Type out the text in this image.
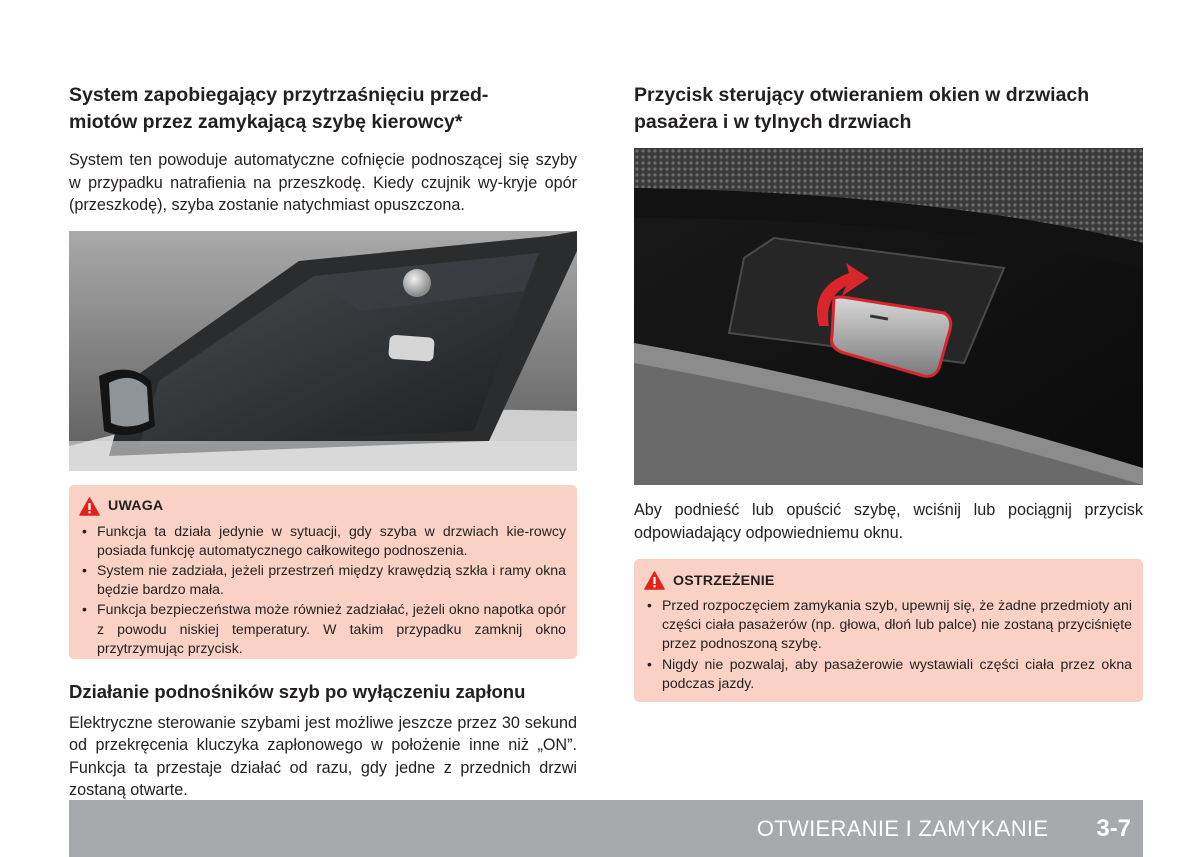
System zapobiegający przytrzaśnięciu przed-
miotów przez zamykającą szybę kierowcy*

System ten powoduje automatyczne cofnięcie podnoszącej się szyby w przypadku natrafienia na przeszkodę. Kiedy czujnik wy-kryje opór (przeszkodę), szyba zostanie natychmiast opuszczona.

UWAGA
• Funkcja ta działa jedynie w sytuacji, gdy szyba w drzwiach kie-rowcy posiada funkcję automatycznego całkowitego podnoszenia.
• System nie zadziała, jeżeli przestrzeń między krawędzią szkła i ramy okna będzie bardzo mała.
• Funkcja bezpieczeństwa może również zadziałać, jeżeli okno napotka opór z powodu niskiej temperatury. W takim przypadku zamknij okno przytrzymując przycisk.
Działanie podnośników szyb po wyłączeniu zapłonu

Elektryczne sterowanie szybami jest możliwe jeszcze przez 30 sekund od przekręcenia kluczyka zapłonowego w położenie inne niż „ON”. Funkcja ta przestaje działać od razu, gdy jedne z przednich drzwi zostaną otwarte.

Przycisk sterujący otwieraniem okien w drzwiach pasażera i w tylnych drzwiach

Aby podnieść lub opuścić szybę, wciśnij lub pociągnij przycisk odpowiadający odpowiedniemu oknu.

OSTRZEŻENIE
• Przed rozpoczęciem zamykania szyb, upewnij się, że żadne przedmioty ani części ciała pasażerów (np. głowa, dłoń lub palce) nie zostaną przyciśnięte przez podnoszoną szybę.
• Nigdy nie pozwalaj, aby pasażerowie wystawiali części ciała przez okna podczas jazdy.
OTWIERANIE I ZAMYKANIE 3-7
